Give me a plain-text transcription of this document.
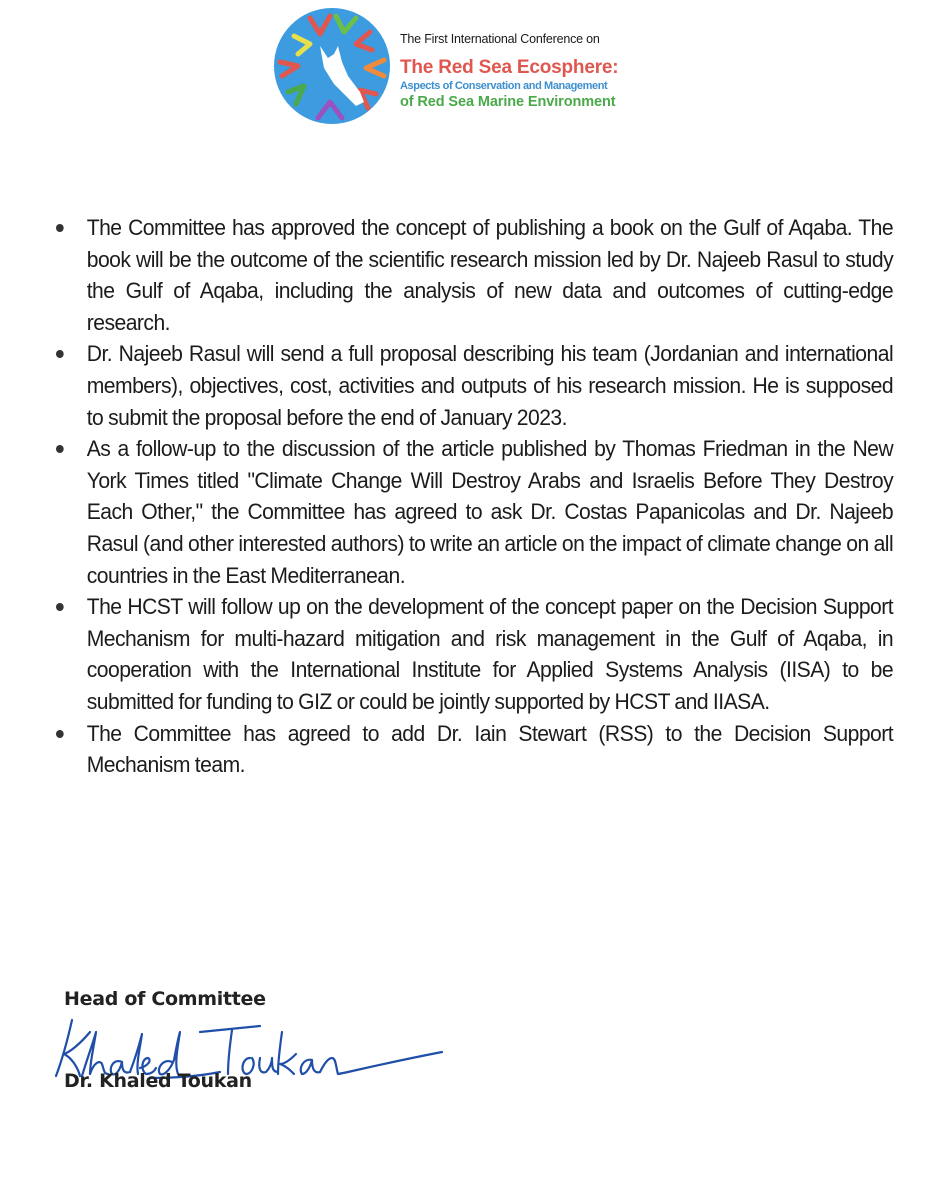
The First International Conference on
The Red Sea Ecosphere:
Aspects of Conservation and Management
of Red Sea Marine Environment
The Committee has approved the concept of publishing a book on the Gulf of Aqaba. The book will be the outcome of the scientific research mission led by Dr. Najeeb Rasul to study the Gulf of Aqaba, including the analysis of new data and outcomes of cutting-edge research.
Dr. Najeeb Rasul will send a full proposal describing his team (Jordanian and international members), objectives, cost, activities and outputs of his research mission. He is supposed to submit the proposal before the end of January 2023.
As a follow-up to the discussion of the article published by Thomas Friedman in the New York Times titled "Climate Change Will Destroy Arabs and Israelis Before They Destroy Each Other," the Committee has agreed to ask Dr. Costas Papanicolas and Dr. Najeeb Rasul (and other interested authors) to write an article on the impact of climate change on all countries in the East Mediterranean.
The HCST will follow up on the development of the concept paper on the Decision Support Mechanism for multi-hazard mitigation and risk management in the Gulf of Aqaba, in cooperation with the International Institute for Applied Systems Analysis (IISA) to be submitted for funding to GIZ or could be jointly supported by HCST and IIASA.
The Committee has agreed to add Dr. Iain Stewart (RSS) to the Decision Support Mechanism team.
Head of Committee
Dr. Khaled Toukan
